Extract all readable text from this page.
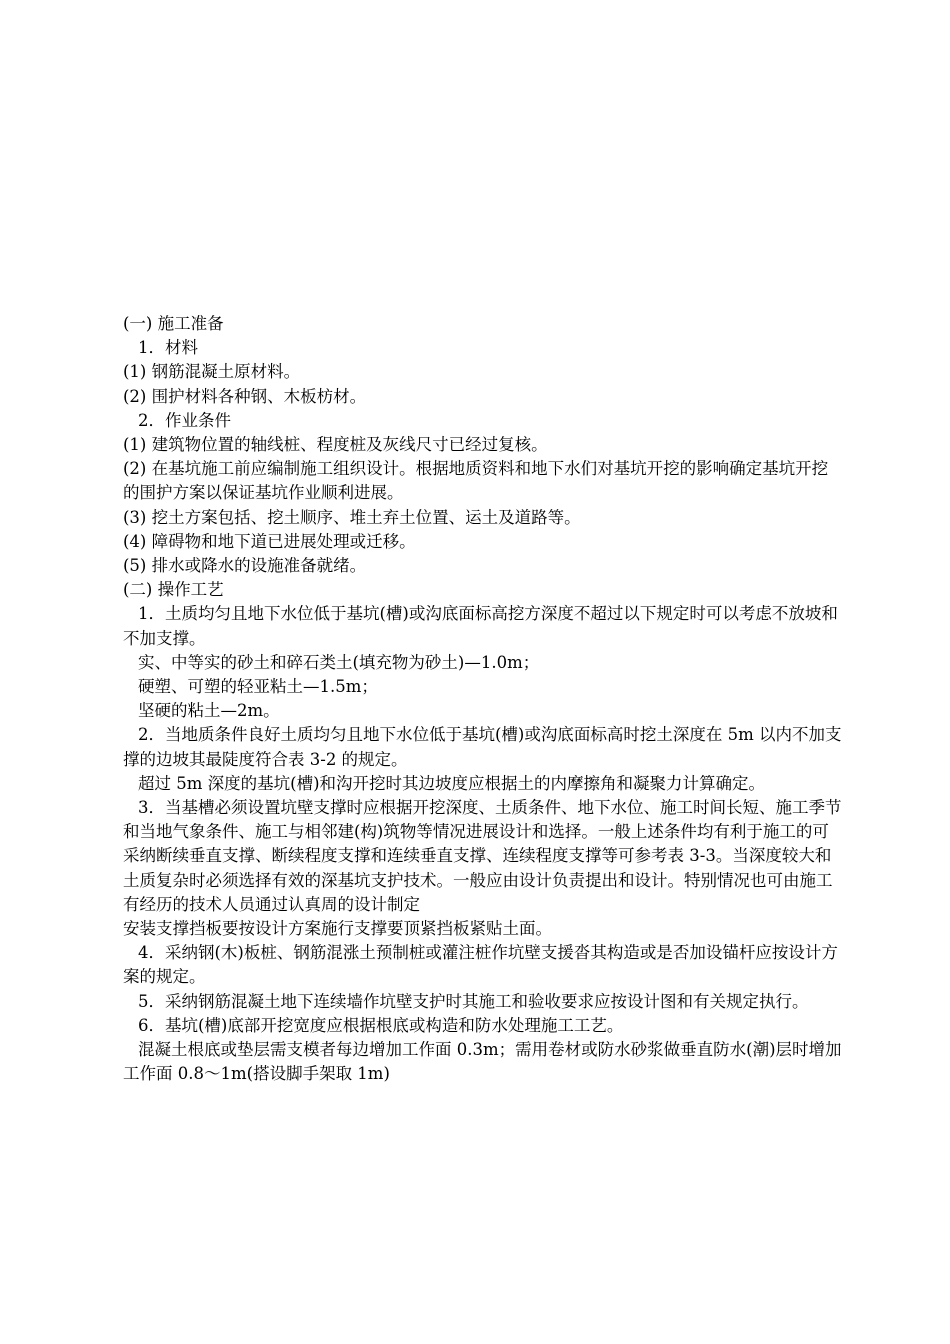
(一) 施工准备

1．材料

(1) 钢筋混凝土原材料。

(2) 围护材料各种钢、木板枋材。

2．作业条件

(1) 建筑物位置的轴线桩、程度桩及灰线尺寸已经过复核。

(2) 在基坑施工前应编制施工组织设计。根据地质资料和地下水们对基坑开挖的影响确定基坑开挖的围护方案以保证基坑作业顺利进展。

(3) 挖土方案包括、挖土顺序、堆土弃土位置、运土及道路等。

(4) 障碍物和地下道已进展处理或迁移。

(5) 排水或降水的设施准备就绪。

(二) 操作工艺

1．土质均匀且地下水位低于基坑(槽)或沟底面标高挖方深度不超过以下规定时可以考虑不放坡和不加支撑。

实、中等实的砂土和碎石类土(填充物为砂土)—1.0m；

硬塑、可塑的轻亚粘土—1.5m；

坚硬的粘土—2m。

2．当地质条件良好土质均匀且地下水位低于基坑(槽)或沟底面标高时挖土深度在 5m 以内不加支撑的边坡其最陡度符合表 3-2 的规定。

超过 5m 深度的基坑(槽)和沟开挖时其边坡度应根据土的内摩擦角和凝聚力计算确定。

3．当基槽必须设置坑壁支撑时应根据开挖深度、土质条件、地下水位、施工时间长短、施工季节和当地气象条件、施工与相邻建(构)筑物等情况进展设计和选择。一般上述条件均有利于施工的可采纳断续垂直支撑、断续程度支撑和连续垂直支撑、连续程度支撑等可参考表 3-3。当深度较大和土质复杂时必须选择有效的深基坑支护技术。一般应由设计负责提出和设计。特别情况也可由施工有经历的技术人员通过认真周的设计制定

安装支撑挡板要按设计方案施行支撑要顶紧挡板紧贴土面。

4．采纳钢(木)板桩、钢筋混涨土预制桩或灌注桩作坑壁支援沓其构造或是否加设锚杆应按设计方案的规定。

5．采纳钢筋混凝土地下连续墙作坑壁支护时其施工和验收要求应按设计图和有关规定执行。

6．基坑(槽)底部开挖宽度应根据根底或构造和防水处理施工工艺。

混凝土根底或垫层需支模者每边增加工作面 0.3m；需用卷材或防水砂浆做垂直防水(潮)层时增加工作面 0.8～1m(搭设脚手架取 1m)
